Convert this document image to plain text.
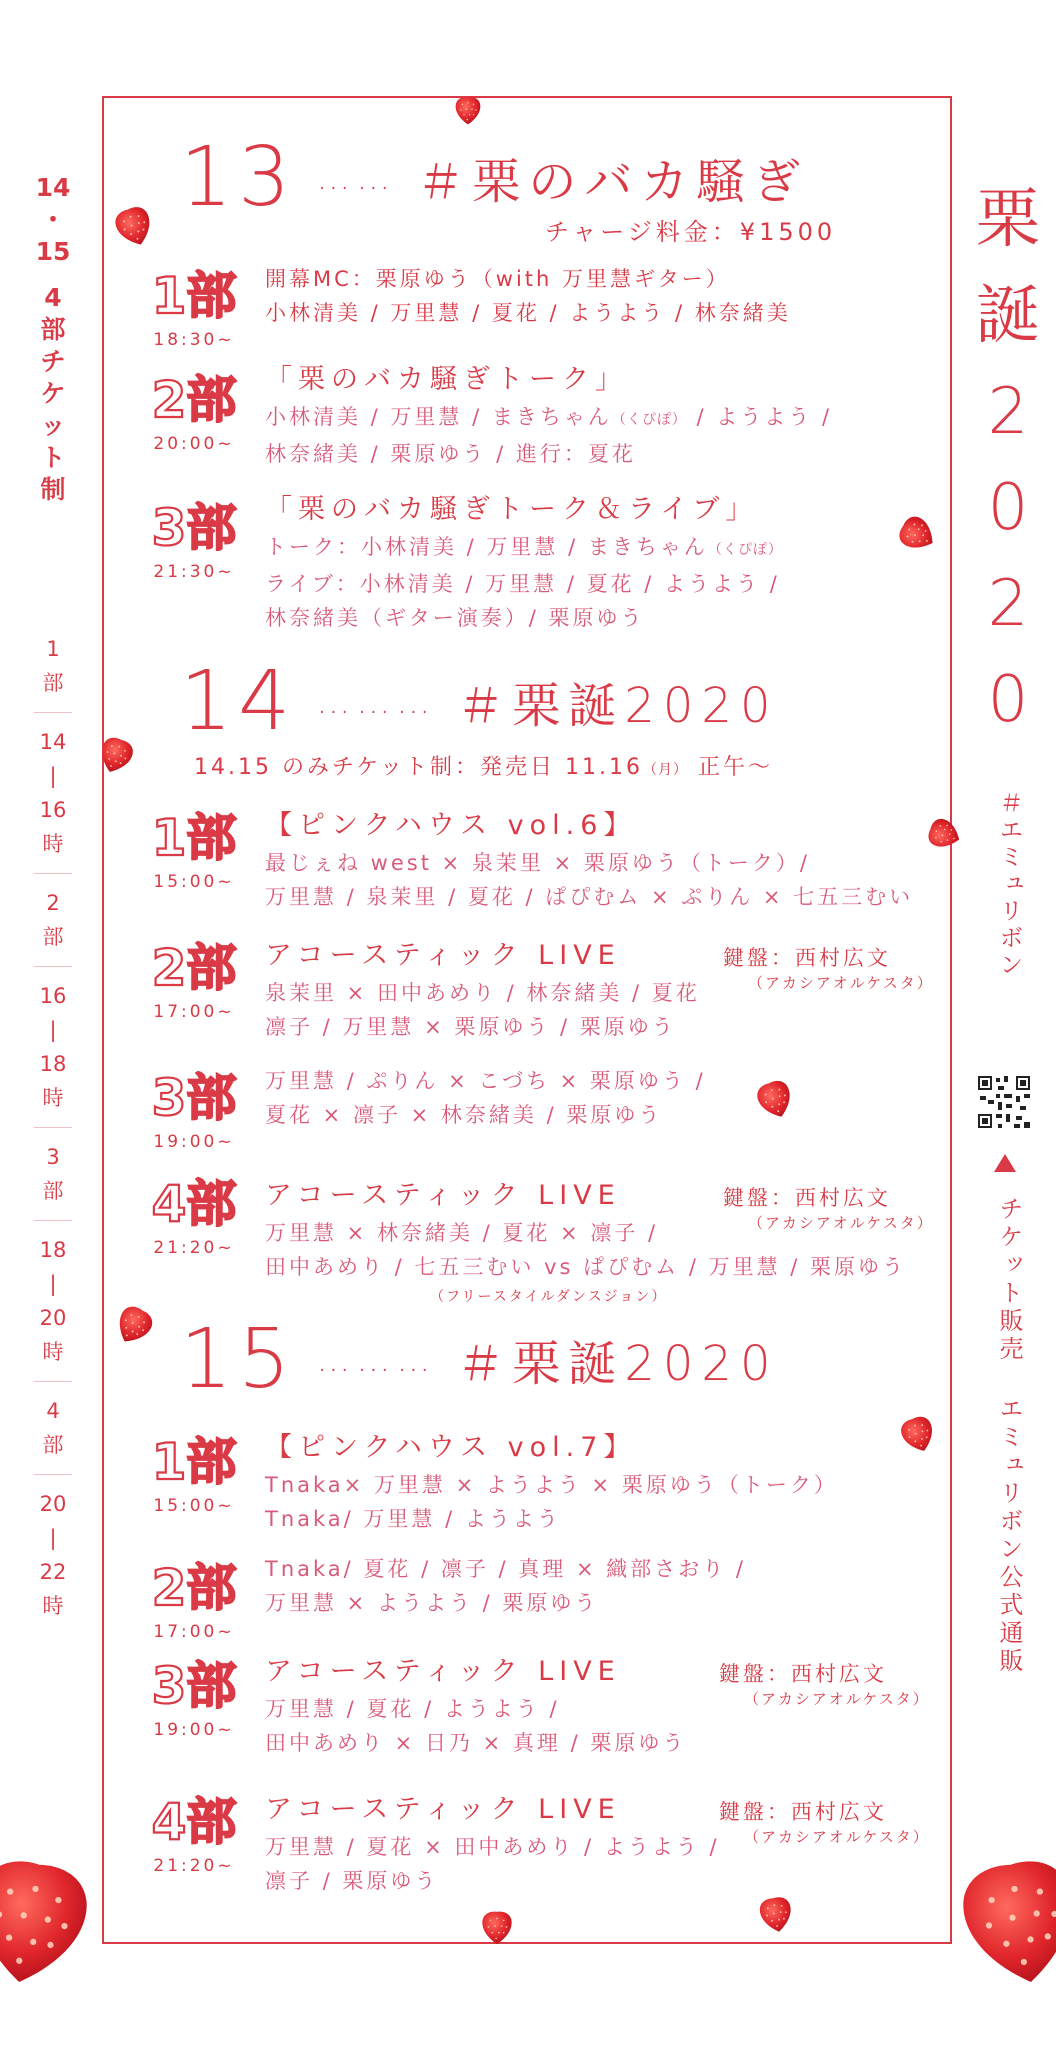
14
・
15
4
部
チ
ケ
ッ
ト
制
1
部
14
|
16
時
2
部
16
|
18
時
3
部
18
|
20
時
4
部
20
|
22
時
栗
誕
2
0
2
0
＃エミュリボン
チケット販売 エミュリボン公式通販
13 …… ＃栗のバカ騒ぎ
チャージ料金：¥1500
1部
18:30~
開幕MC：栗原ゆう（with 万里慧ギター）
小林清美 / 万里慧 / 夏花 / ようよう / 林奈緒美
2部
20:00~
「栗のバカ騒ぎトーク」
小林清美 / 万里慧 / まきちゃん（くぴぽ） / ようよう /
林奈緒美 / 栗原ゆう / 進行：夏花
3部
21:30~
「栗のバカ騒ぎトーク＆ライブ」
トーク：小林清美 / 万里慧 / まきちゃん（くぴぽ）
ライブ：小林清美 / 万里慧 / 夏花 / ようよう /
林奈緒美（ギター演奏）/ 栗原ゆう
14 ……… ＃栗誕2020
14.15 のみチケット制：発売日 11.16（月） 正午～
1部
15:00~
【ピンクハウス vol.6】
最じぇね west × 泉茉里 × 栗原ゆう（トーク）/
万里慧 / 泉茉里 / 夏花 / ぱぴむム × ぷりん × 七五三むい
2部
17:00~
アコースティック LIVE
泉茉里 × 田中あめり / 林奈緒美 / 夏花
凛子 / 万里慧 × 栗原ゆう / 栗原ゆう
鍵盤：西村広文
（アカシアオルケスタ）
3部
19:00~
万里慧 / ぷりん × こづち × 栗原ゆう /
夏花 × 凛子 × 林奈緒美 / 栗原ゆう
4部
21:20~
アコースティック LIVE
万里慧 × 林奈緒美 / 夏花 × 凛子 /
田中あめり / 七五三むい vs ぱぴむム / 万里慧 / 栗原ゆう
鍵盤：西村広文
（アカシアオルケスタ）
（フリースタイルダンスジョン）
15 ……… ＃栗誕2020
1部
15:00~
【ピンクハウス vol.7】
Tnaka× 万里慧 × ようよう × 栗原ゆう（トーク）
Tnaka/ 万里慧 / ようよう
2部
17:00~
Tnaka/ 夏花 / 凛子 / 真理 × 織部さおり /
万里慧 × ようよう / 栗原ゆう
3部
19:00~
アコースティック LIVE
万里慧 / 夏花 / ようよう /
田中あめり × 日乃 × 真理 / 栗原ゆう
鍵盤：西村広文
（アカシアオルケスタ）
4部
21:20~
アコースティック LIVE
万里慧 / 夏花 × 田中あめり / ようよう /
凛子 / 栗原ゆう
鍵盤：西村広文
（アカシアオルケスタ）
